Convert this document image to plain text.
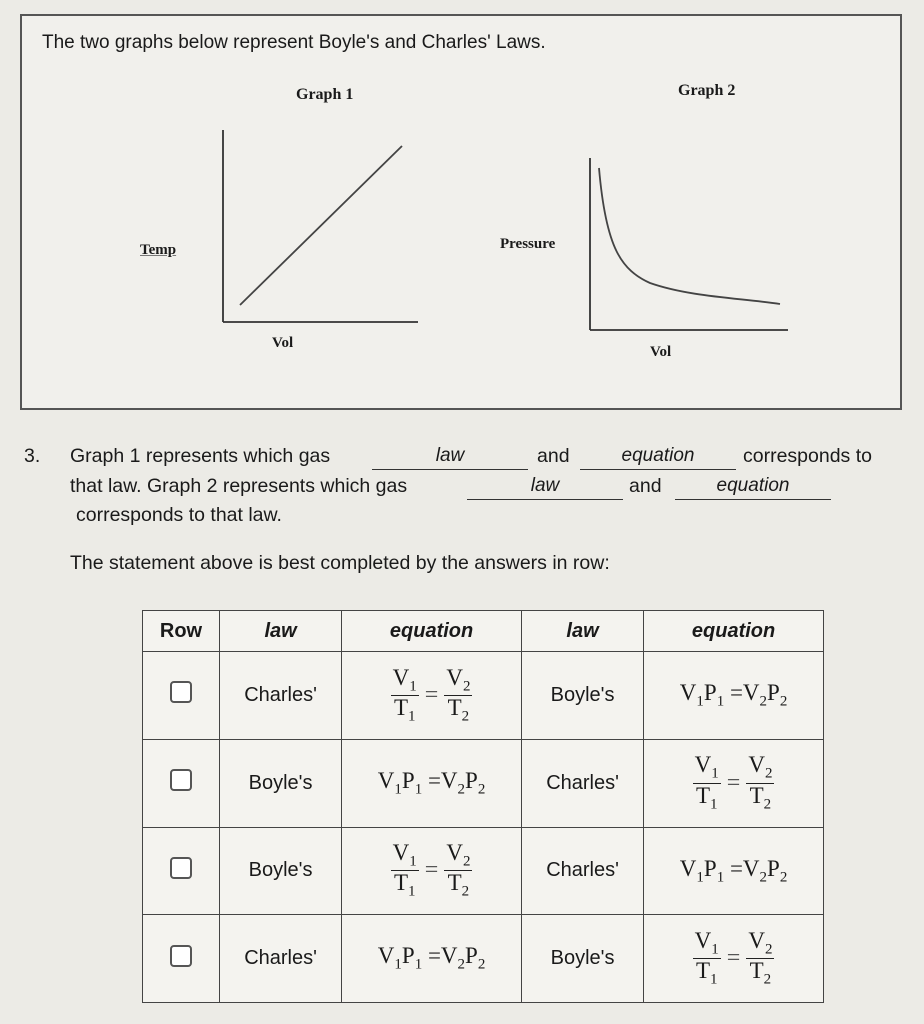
The two graphs below represent Boyle's and Charles' Laws.
Graph 1
Temp
Vol
Graph 2
Pressure
Vol
3. Graph 1 represents which gas	law	and	equation	corresponds to
that law. Graph 2 represents which gas	law	and	equation
corresponds to that law.
The statement above is best completed by the answers in row:
Row	law	equation	law	equation
	Charles'	$\frac{V_1}{T_1} = \frac{V_2}{T_2}$	Boyle's	$V_1P_1 =V_2P_2$
	Boyle's	$V_1P_1 =V_2P_2$	Charles'	$\frac{V_1}{T_1} = \frac{V_2}{T_2}$

	Boyle's	$\frac{V_1}{T_1} = \frac{V_2}{T_2}$	Charles'	$V_1P_1 =V_2P_2$
	Charles'	$V_1P_1 =V_2P_2$	Boyle's	$\frac{V_1}{T_1} = \frac{V_2}{T_2}$
